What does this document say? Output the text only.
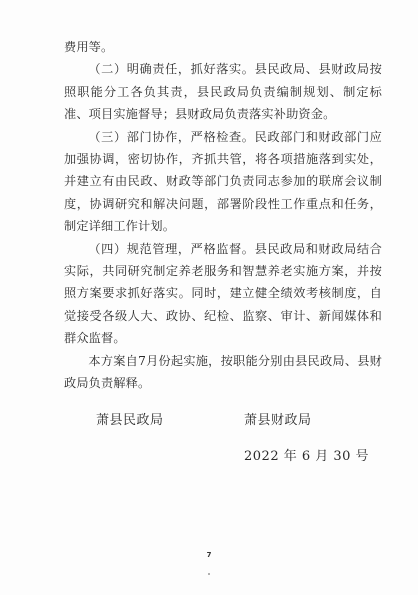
费用等。

（二）明确责任，抓好落实。县民政局、县财政局按照职能分工各负其责，县民政局负责编制规划、制定标准、项目实施督导；县财政局负责落实补助资金。

（三）部门协作，严格检查。民政部门和财政部门应加强协调，密切协作，齐抓共管，将各项措施落到实处，并建立有由民政、财政等部门负责同志参加的联席会议制度，协调研究和解决问题，部署阶段性工作重点和任务，制定详细工作计划。

（四）规范管理，严格监督。县民政局和财政局结合实际，共同研究制定养老服务和智慧养老实施方案，并按照方案要求抓好落实。同时，建立健全绩效考核制度，自觉接受各级人大、政协、纪检、监察、审计、新闻媒体和群众监督。

本方案自7月份起实施，按职能分别由县民政局、县财政局负责解释。

萧县民政局	萧县财政局
2022 年 6 月 30 号
7
